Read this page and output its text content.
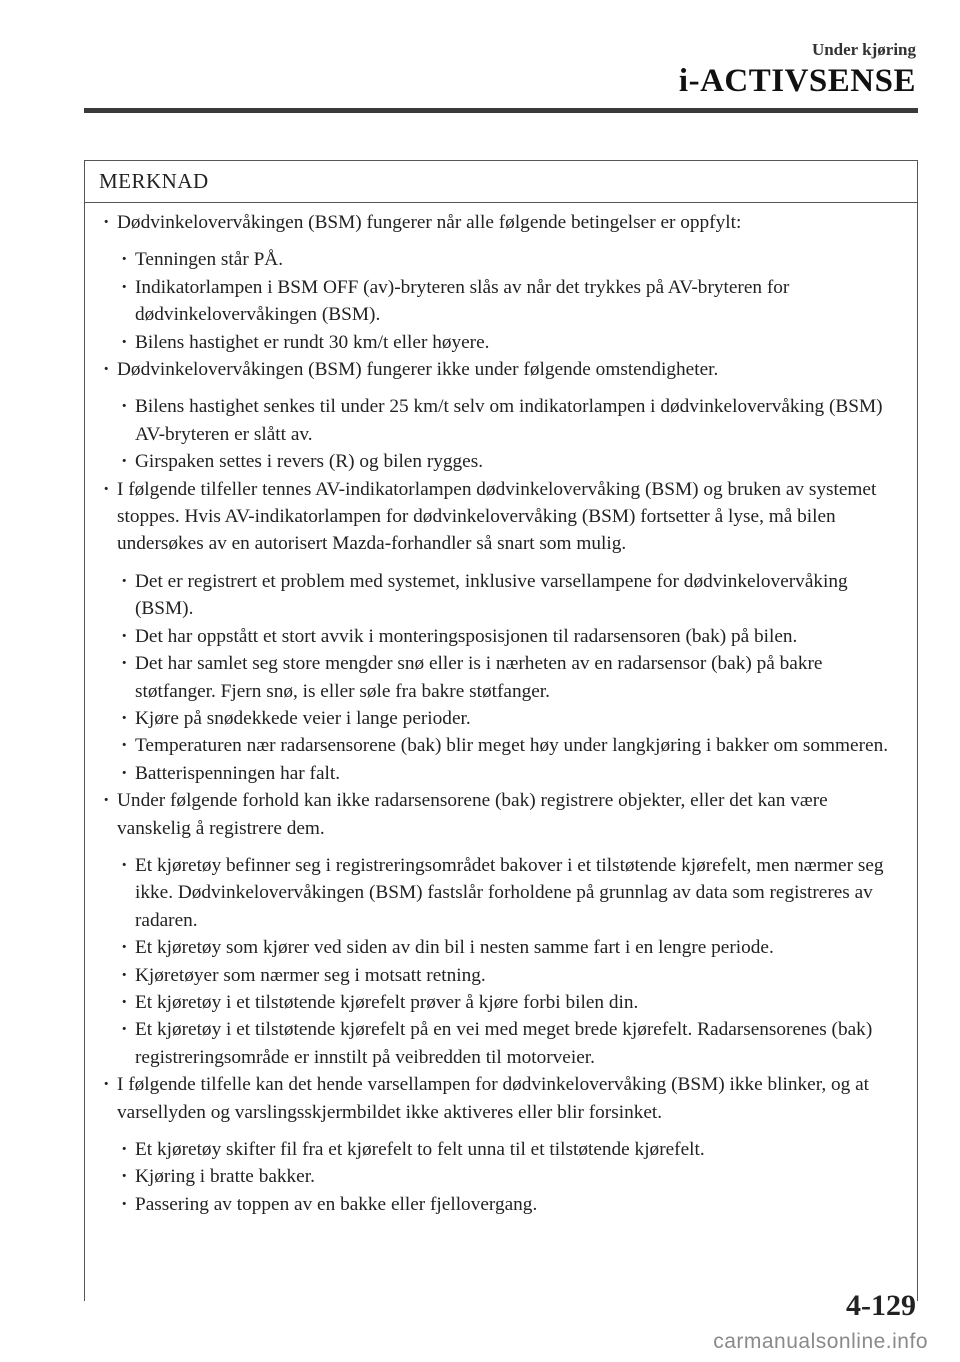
Under kjøring
i-ACTIVSENSE
MERKNAD
· Dødvinkelovervåkingen (BSM) fungerer når alle følgende betingelser er oppfylt:
· Tenningen står PÅ.
· Indikatorlampen i BSM OFF (av)-bryteren slås av når det trykkes på AV-bryteren for dødvinkelovervåkingen (BSM).
· Bilens hastighet er rundt 30 km/t eller høyere.
· Dødvinkelovervåkingen (BSM) fungerer ikke under følgende omstendigheter.
· Bilens hastighet senkes til under 25 km/t selv om indikatorlampen i dødvinkelovervåking (BSM) AV-bryteren er slått av.
· Girspaken settes i revers (R) og bilen rygges.
· I følgende tilfeller tennes AV-indikatorlampen dødvinkelovervåking (BSM) og bruken av systemet stoppes. Hvis AV-indikatorlampen for dødvinkelovervåking (BSM) fortsetter å lyse, må bilen undersøkes av en autorisert Mazda-forhandler så snart som mulig.
· Det er registrert et problem med systemet, inklusive varsellampene for dødvinkelovervåking (BSM).
· Det har oppstått et stort avvik i monteringsposisjonen til radarsensoren (bak) på bilen.
· Det har samlet seg store mengder snø eller is i nærheten av en radarsensor (bak) på bakre støtfanger. Fjern snø, is eller søle fra bakre støtfanger.
· Kjøre på snødekkede veier i lange perioder.
· Temperaturen nær radarsensorene (bak) blir meget høy under langkjøring i bakker om sommeren.
· Batterispenningen har falt.
· Under følgende forhold kan ikke radarsensorene (bak) registrere objekter, eller det kan være vanskelig å registrere dem.
· Et kjøretøy befinner seg i registreringsområdet bakover i et tilstøtende kjørefelt, men nærmer seg ikke. Dødvinkelovervåkingen (BSM) fastslår forholdene på grunnlag av data som registreres av radaren.
· Et kjøretøy som kjører ved siden av din bil i nesten samme fart i en lengre periode.
· Kjøretøyer som nærmer seg i motsatt retning.
· Et kjøretøy i et tilstøtende kjørefelt prøver å kjøre forbi bilen din.
· Et kjøretøy i et tilstøtende kjørefelt på en vei med meget brede kjørefelt. Radarsensorenes (bak) registreringsområde er innstilt på veibredden til motorveier.
· I følgende tilfelle kan det hende varsellampen for dødvinkelovervåking (BSM) ikke blinker, og at varsellyden og varslingsskjermbildet ikke aktiveres eller blir forsinket.
· Et kjøretøy skifter fil fra et kjørefelt to felt unna til et tilstøtende kjørefelt.
· Kjøring i bratte bakker.
· Passering av toppen av en bakke eller fjellovergang.
4-129
carmanualsonline.info
